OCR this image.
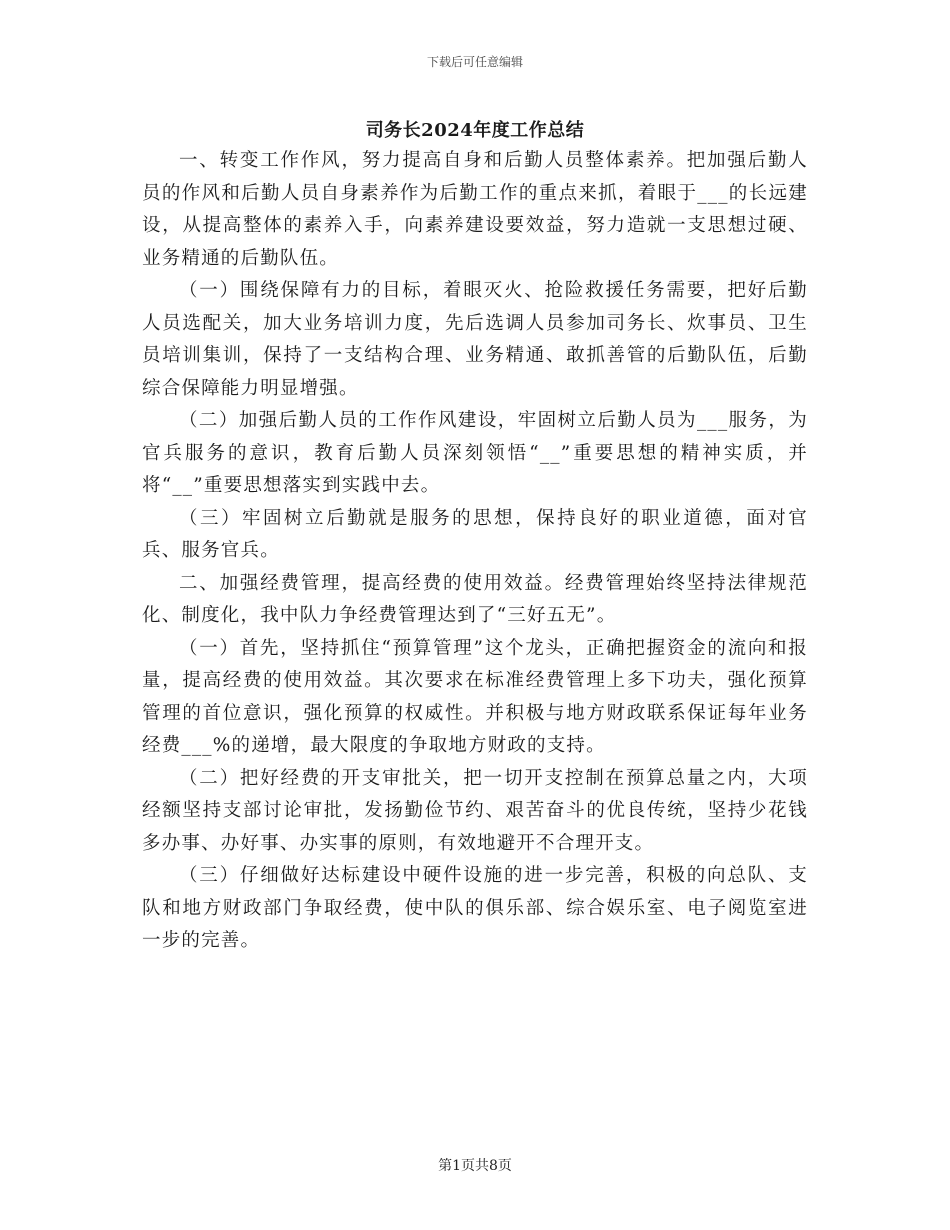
下载后可任意编辑
司务长2024年度工作总结

一、转变工作作风，努力提高自身和后勤人员整体素养。把加强后勤人员的作风和后勤人员自身素养作为后勤工作的重点来抓，着眼于___的长远建设，从提高整体的素养入手，向素养建设要效益，努力造就一支思想过硬、业务精通的后勤队伍。

（一）围绕保障有力的目标，着眼灭火、抢险救援任务需要，把好后勤人员选配关，加大业务培训力度，先后选调人员参加司务长、炊事员、卫生员培训集训，保持了一支结构合理、业务精通、敢抓善管的后勤队伍，后勤综合保障能力明显增强。

（二）加强后勤人员的工作作风建设，牢固树立后勤人员为___服务，为官兵服务的意识，教育后勤人员深刻领悟“__”重要思想的精神实质，并将“__”重要思想落实到实践中去。

（三）牢固树立后勤就是服务的思想，保持良好的职业道德，面对官兵、服务官兵。

二、加强经费管理，提高经费的使用效益。经费管理始终坚持法律规范化、制度化，我中队力争经费管理达到了“三好五无”。

（一）首先，坚持抓住“预算管理”这个龙头，正确把握资金的流向和报量，提高经费的使用效益。其次要求在标准经费管理上多下功夫，强化预算管理的首位意识，强化预算的权威性。并积极与地方财政联系保证每年业务经费___%的递增，最大限度的争取地方财政的支持。

（二）把好经费的开支审批关，把一切开支控制在预算总量之内，大项经额坚持支部讨论审批，发扬勤俭节约、艰苦奋斗的优良传统，坚持少花钱多办事、办好事、办实事的原则，有效地避开不合理开支。

（三）仔细做好达标建设中硬件设施的进一步完善，积极的向总队、支队和地方财政部门争取经费，使中队的俱乐部、综合娱乐室、电子阅览室进一步的完善。

第1页共8页
